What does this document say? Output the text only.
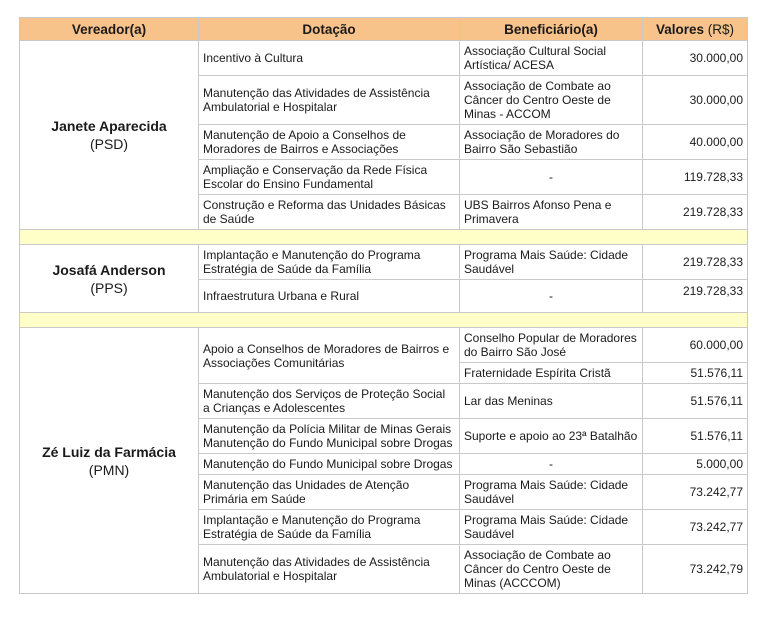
Vereador(a)	Dotação	Beneficiário(a)	Valores (R$)

Janete Aparecida
(PSD)	Incentivo à Cultura	Associação Cultural Social Artística/ ACESA	30.000,00
	Manutenção das Atividades de Assistência Ambulatorial e Hospitalar	Associação de Combate ao Câncer do Centro Oeste de Minas - ACCOM	30.000,00
	Manutenção de Apoio a Conselhos de Moradores de Bairros e Associações	Associação de Moradores do Bairro São Sebastião	40.000,00
	Ampliação e Conservação da Rede Física Escolar do Ensino Fundamental	-	119.728,33
	Construção e Reforma das Unidades Básicas de Saúde	UBS Bairros Afonso Pena e Primavera	219.728,33

Josafá Anderson
(PPS)	Implantação e Manutenção do Programa Estratégia de Saúde da Família	Programa Mais Saúde: Cidade Saudável	219.728,33
	Infraestrutura Urbana e Rural	-	219.728,33

Zé Luiz da Farmácia
(PMN)	Apoio a Conselhos de Moradores de Bairros e Associações Comunitárias	Conselho Popular de Moradores do Bairro São José	60.000,00
		Fraternidade Espírita Cristã	51.576,11
	Manutenção dos Serviços de Proteção Social a Crianças e Adolescentes	Lar das Meninas	51.576,11
	Manutenção da Polícia Militar de Minas Gerais Manutenção do Fundo Municipal sobre Drogas	Suporte e apoio ao 23ª Batalhão	51.576,11
	Manutenção do Fundo Municipal sobre Drogas	-	5.000,00
	Manutenção das Unidades de Atenção Primária em Saúde	Programa Mais Saúde: Cidade Saudável	73.242,77
	Implantação e Manutenção do Programa Estratégia de Saúde da Família	Programa Mais Saúde: Cidade Saudável	73.242,77
	Manutenção das Atividades de Assistência Ambulatorial e Hospitalar	Associação de Combate ao Câncer do Centro Oeste de Minas (ACCCOM)	73.242,79
